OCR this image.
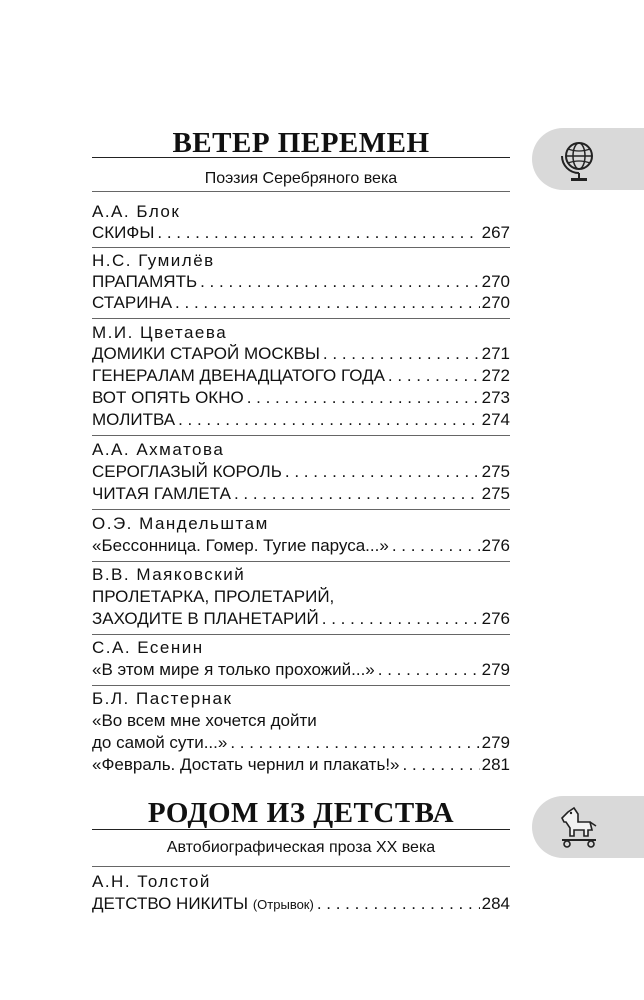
ВЕТЕР ПЕРЕМЕН
Поэзия Серебряного века
А.А. Блок
СКИФЫ . . .	267
Н.С. Гумилёв
ПРАПАМЯТЬ . . .	270
СТАРИНА . . .	270
М.И. Цветаева
ДОМИКИ СТАРОЙ МОСКВЫ . . .	271
ГЕНЕРАЛАМ ДВЕНАДЦАТОГО ГОДА . . .	272
ВОТ ОПЯТЬ ОКНО . . .	273
МОЛИТВА . . .	274
А.А. Ахматова
СЕРОГЛАЗЫЙ КОРОЛЬ . . .	275
ЧИТАЯ ГАМЛЕТА . . .	275
О.Э. Мандельштам
«Бессонница. Гомер. Тугие паруса...» . . .	276
В.В. Маяковский
ПРОЛЕТАРКА, ПРОЛЕТАРИЙ,
ЗАХОДИТЕ В ПЛАНЕТАРИЙ . . .	276
С.А. Есенин
«В этом мире я только прохожий...» . . .	279
Б.Л. Пастернак
«Во всем мне хочется дойти
до самой сути...» . . .	279
«Февраль. Достать чернил и плакать!» . . .	281
РОДОМ ИЗ ДЕТСТВА
Автобиографическая проза XX века
А.Н. Толстой
ДЕТСТВО НИКИТЫ (Отрывок) . . .	284
